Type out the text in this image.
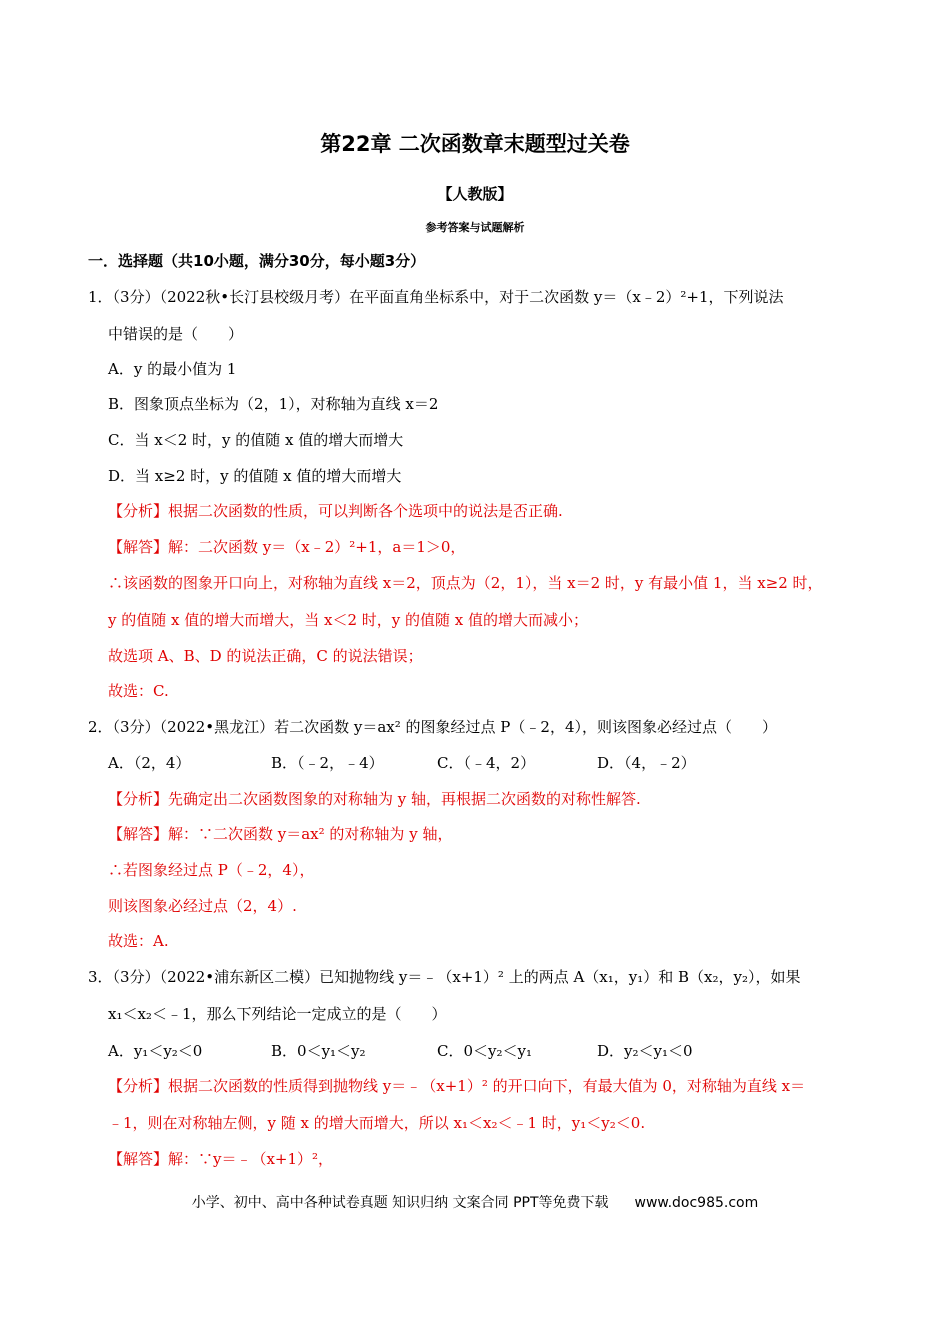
第22章 二次函数章末题型过关卷
【人教版】
参考答案与试题解析
一．选择题（共10小题，满分30分，每小题3分）
1．（3分）（2022秋•长汀县校级月考）在平面直角坐标系中，对于二次函数 y＝（x﹣2）²+1，下列说法
中错误的是（　　）
A．y 的最小值为 1
B．图象顶点坐标为（2，1），对称轴为直线 x＝2
C．当 x＜2 时，y 的值随 x 值的增大而增大
D．当 x≥2 时，y 的值随 x 值的增大而增大
【分析】根据二次函数的性质，可以判断各个选项中的说法是否正确.
【解答】解：二次函数 y＝（x﹣2）²+1，a＝1＞0，
∴该函数的图象开口向上，对称轴为直线 x＝2，顶点为（2，1），当 x＝2 时，y 有最小值 1，当 x≥2 时，
y 的值随 x 值的增大而增大，当 x＜2 时，y 的值随 x 值的增大而减小；
故选项 A、B、D 的说法正确，C 的说法错误；
故选：C.
2．（3分）（2022•黑龙江）若二次函数 y＝ax² 的图象经过点 P（﹣2，4），则该图象必经过点（　　）
A．（2，4）	B．（﹣2，﹣4）	C．（﹣4，2）	D．（4，﹣2）
【分析】先确定出二次函数图象的对称轴为 y 轴，再根据二次函数的对称性解答.
【解答】解：∵二次函数 y＝ax² 的对称轴为 y 轴，
∴若图象经过点 P（﹣2，4），
则该图象必经过点（2，4）.
故选：A.
3．（3分）（2022•浦东新区二模）已知抛物线 y＝﹣（x+1）² 上的两点 A（x₁，y₁）和 B（x₂，y₂），如果
x₁＜x₂＜﹣1，那么下列结论一定成立的是（　　）
A．y₁＜y₂＜0	B．0＜y₁＜y₂	C．0＜y₂＜y₁	D．y₂＜y₁＜0
【分析】根据二次函数的性质得到抛物线 y＝﹣（x+1）² 的开口向下，有最大值为 0，对称轴为直线 x＝
﹣1，则在对称轴左侧，y 随 x 的增大而增大，所以 x₁＜x₂＜﹣1 时，y₁＜y₂＜0.
【解答】解：∵y＝﹣（x+1）²，
小学、初中、高中各种试卷真题 知识归纳 文案合同 PPT等免费下载 www.doc985.com
